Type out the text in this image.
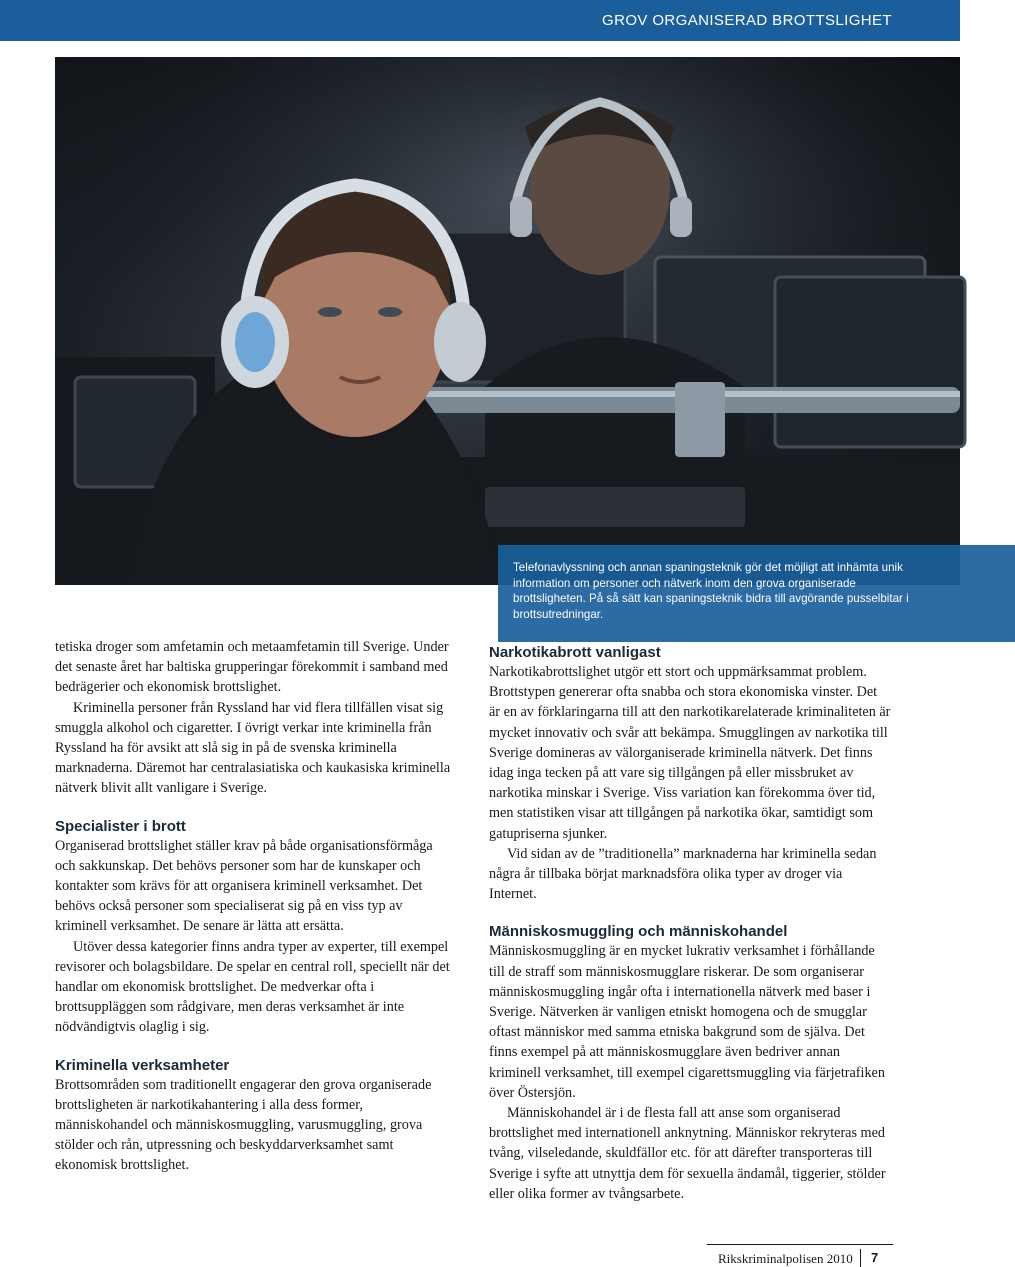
GROV ORGANISERAD BROTTSLIGHET
Telefonavlyssning och annan spaningsteknik gör det möjligt att inhämta unik information om personer och nätverk inom den grova organiserade brottsligheten. På så sätt kan spaningsteknik bidra till avgörande pusselbitar i brottsutredningar.

tetiska droger som amfetamin och metaamfetamin till Sverige. Under det senaste året har baltiska grupperingar förekommit i samband med bedrägerier och ekonomisk brottslighet.

Kriminella personer från Ryssland har vid flera tillfällen visat sig smuggla alkohol och cigaretter. I övrigt verkar inte kriminella från Ryssland ha för avsikt att slå sig in på de svenska kriminella marknaderna. Däremot har centralasiatiska och kaukasiska kriminella nätverk blivit allt vanligare i Sverige.

Specialister i brott

Organiserad brottslighet ställer krav på både organisationsförmåga och sakkunskap. Det behövs personer som har de kunskaper och kontakter som krävs för att organisera kriminell verksamhet. Det behövs också personer som specialiserat sig på en viss typ av kriminell verksamhet. De senare är lätta att ersätta.

Utöver dessa kategorier finns andra typer av experter, till exempel revisorer och bolagsbildare. De spelar en central roll, speciellt när det handlar om ekonomisk brottslighet. De medverkar ofta i brottsuppläggen som rådgivare, men deras verksamhet är inte nödvändigtvis olaglig i sig.

Kriminella verksamheter

Brottsområden som traditionellt engagerar den grova organiserade brottsligheten är narkotikahantering i alla dess former, människohandel och människosmuggling, varusmuggling, grova stölder och rån, utpressning och beskyddarverksamhet samt ekonomisk brottslighet.

Narkotikabrott vanligast

Narkotikabrottslighet utgör ett stort och uppmärksammat problem. Brottstypen genererar ofta snabba och stora ekonomiska vinster. Det är en av förklaringarna till att den narkotikarelaterade kriminaliteten är mycket innovativ och svår att bekämpa. Smugglingen av narkotika till Sverige domineras av välorganiserade kriminella nätverk. Det finns idag inga tecken på att vare sig tillgången på eller missbruket av narkotika minskar i Sverige. Viss variation kan förekomma över tid, men statistiken visar att tillgången på narkotika ökar, samtidigt som gatupriserna sjunker.

Vid sidan av de ”traditionella” marknaderna har kriminella sedan några år tillbaka börjat marknadsföra olika typer av droger via Internet.

Människosmuggling och människohandel

Människosmuggling är en mycket lukrativ verksamhet i förhållande till de straff som människosmugglare riskerar. De som organiserar människosmuggling ingår ofta i internationella nätverk med baser i Sverige. Nätverken är vanligen etniskt homogena och de smugglar oftast människor med samma etniska bakgrund som de själva. Det finns exempel på att människosmugglare även bedriver annan kriminell verksamhet, till exempel cigarettsmuggling via färjetrafiken över Östersjön.

Människohandel är i de flesta fall att anse som organiserad brottslighet med internationell anknytning. Människor rekryteras med tvång, vilseledande, skuldfällor etc. för att därefter transporteras till Sverige i syfte att utnyttja dem för sexuella ändamål, tiggerier, stölder eller olika former av tvångsarbete.

Rikskriminalpolisen 2010 7
